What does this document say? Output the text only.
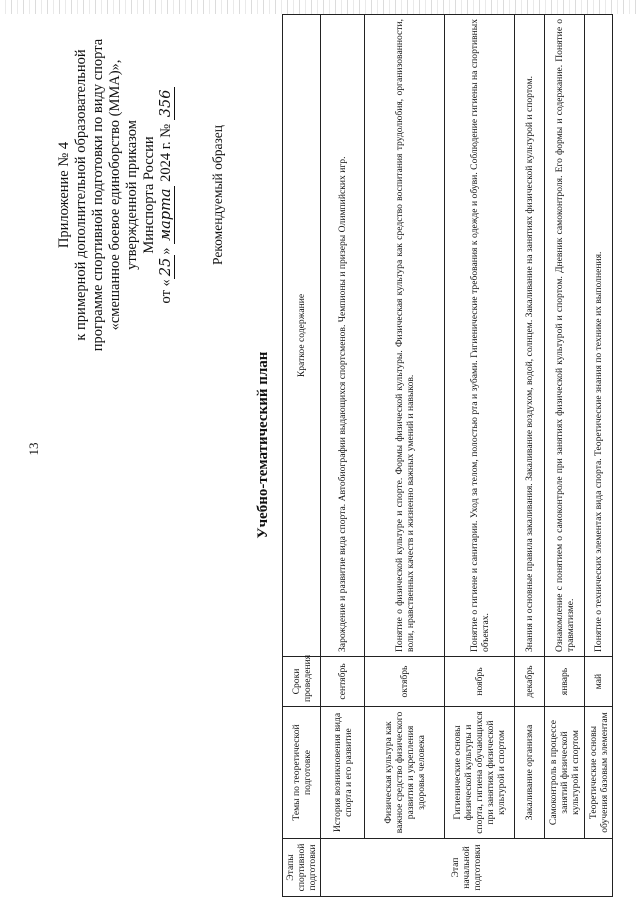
13
Приложение № 4 к примерной дополнительной образовательной программе спортивной подготовки по виду спорта «смешанное боевое единоборство (ММА)», утвержденной приказом Минспорта России
от «25» марта 2024 г. № 356
Рекомендуемый образец
Учебно-тематический план
Этапы спортивной подготовки	Темы по теоретической подготовке	Сроки проведения	Краткое содержание
Этап начальной подготовки	История возникновения вида спорта и его развитие	сентябрь	Зарождение и развитие вида спорта. Автобиографии выдающихся спортсменов. Чемпионы и призеры Олимпийских игр.
	Физическая культура как важное средство физического развития и укрепления здоровья человека	октябрь	Понятие о физической культуре и спорте. Формы физической культуры. Физическая культура как средство воспитания трудолюбия, организованности, воли, нравственных качеств и жизненно важных умений и навыков.
	Гигиенические основы физической культуры и спорта, гигиена обучающихся при занятиях физической культурой и спортом	ноябрь	Понятие о гигиене и санитарии. Уход за телом, полостью рта и зубами. Гигиенические требования к одежде и обуви. Соблюдение гигиены на спортивных объектах.
	Закаливание организма	декабрь	Знания и основные правила закаливания. Закаливание воздухом, водой, солнцем. Закаливание на занятиях физической культурой и спортом.
	Самоконтроль в процессе занятий физической культурой и спортом	январь	Ознакомление с понятием о самоконтроле при занятиях физической культурой и спортом. Дневник самоконтроля. Его формы и содержание. Понятие о травматизме.
	Теоретические основы обучения базовым элементам	май	Понятие о технических элементах вида спорта. Теоретические знания по технике их выполнения.
